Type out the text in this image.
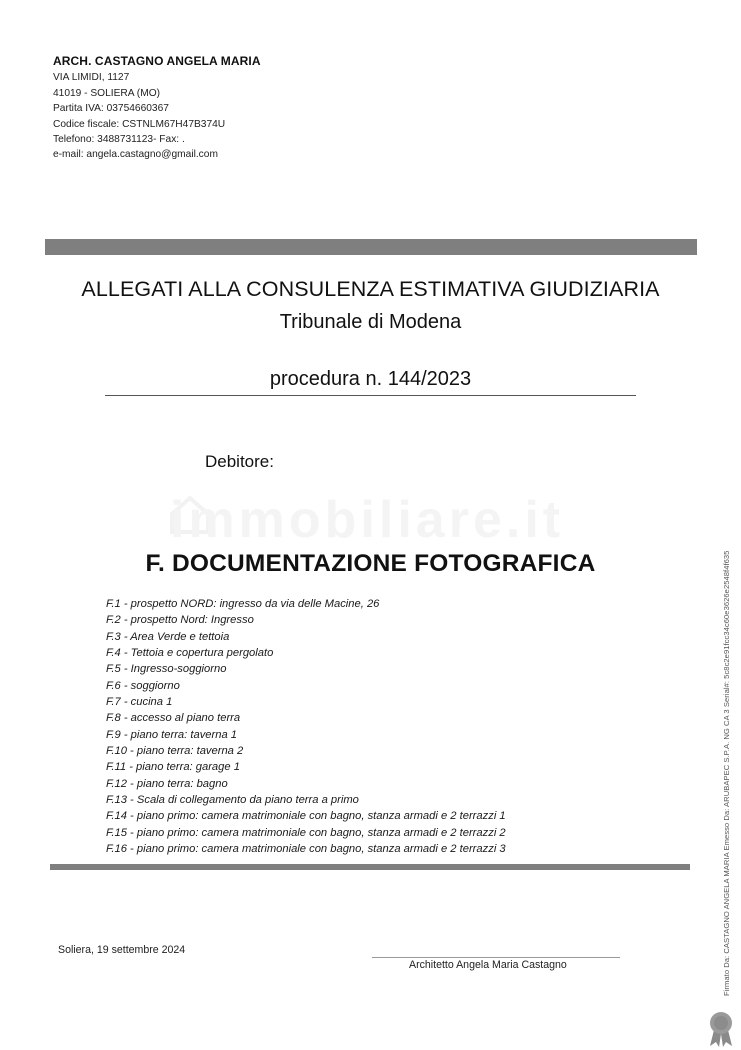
ARCH. CASTAGNO ANGELA MARIA
VIA LIMIDI, 1127
41019 - SOLIERA (MO)
Partita IVA: 03754660367
Codice fiscale: CSTNLM67H47B374U
Telefono: 3488731123- Fax: .
e-mail: angela.castagno@gmail.com
ALLEGATI ALLA CONSULENZA ESTIMATIVA GIUDIZIARIA
Tribunale di Modena
procedura n. 144/2023
Debitore:
immobiliare.it
F. DOCUMENTAZIONE FOTOGRAFICA
F.1 - prospetto NORD: ingresso da via delle Macine, 26
F.2 - prospetto Nord: Ingresso
F.3 - Area Verde e tettoia
F.4 - Tettoia e copertura pergolato
F.5 - Ingresso-soggiorno
F.6 - soggiorno
F.7 - cucina 1
F.8 - accesso al piano terra
F.9 - piano terra: taverna 1
F.10 - piano terra: taverna 2
F.11 - piano terra: garage 1
F.12 - piano terra: bagno
F.13 - Scala di collegamento da piano terra a primo
F.14 - piano primo: camera matrimoniale con bagno, stanza armadi e 2 terrazzi 1
F.15 - piano primo: camera matrimoniale con bagno, stanza armadi e 2 terrazzi 2
F.16 - piano primo: camera matrimoniale con bagno, stanza armadi e 2 terrazzi 3
Soliera, 19 settembre 2024
Architetto Angela Maria Castagno	Firmato Da: CASTAGNO ANGELA MARIA Emesso Da: ARUBAPEC S.P.A. NG CA 3 Serial#: 5c8c2e91fcc34c60e3626e2548f4f635
